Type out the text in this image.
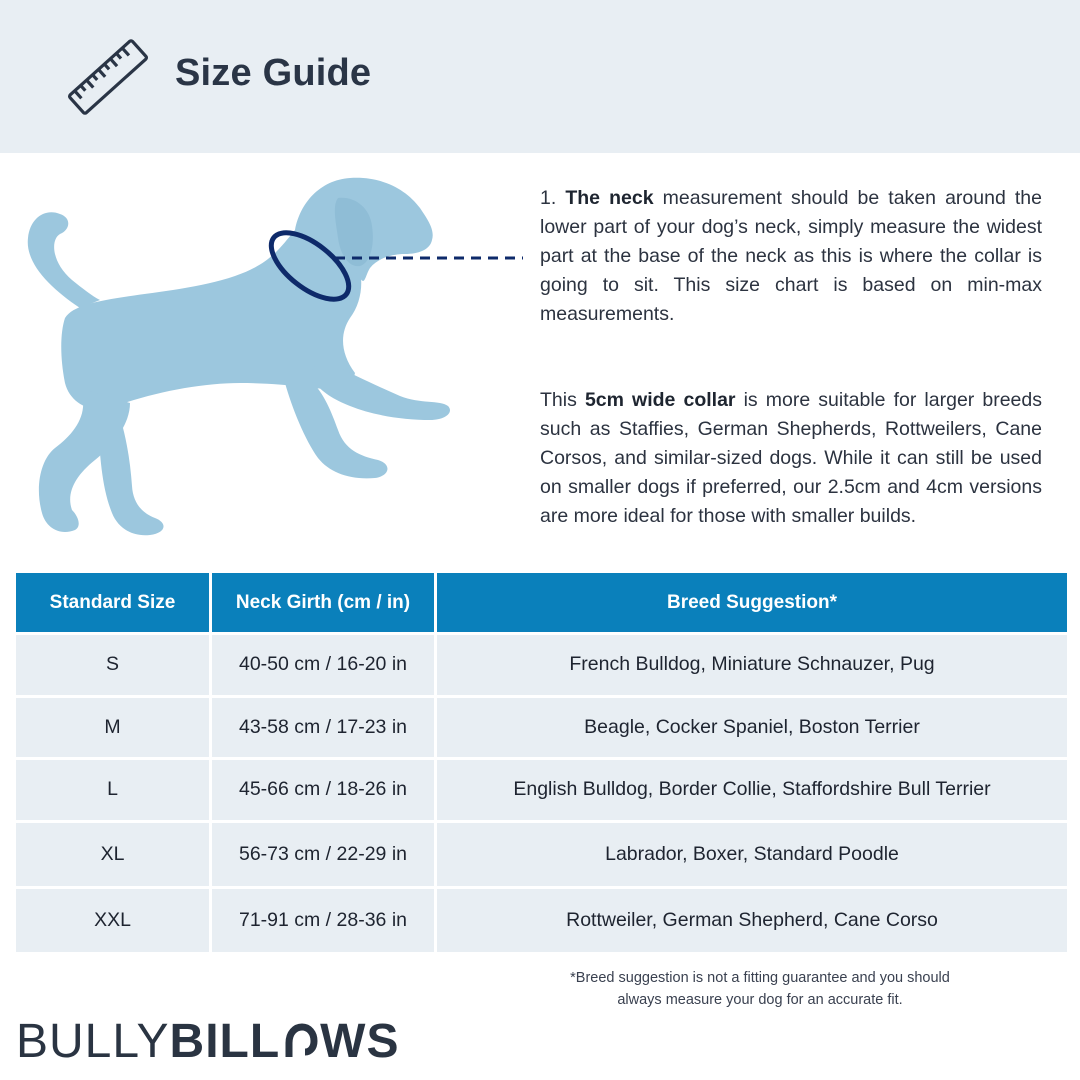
Size Guide

1. The neck measurement should be taken around the lower part of your dog’s neck, simply measure the widest part at the base of the neck as this is where the collar is going to sit. This size chart is based on min-max measurements.

This 5cm wide collar is more suitable for larger breeds such as Staffies, German Shepherds, Rottweilers, Cane Corsos, and similar-sized dogs. While it can still be used on smaller dogs if preferred, our 2.5cm and 4cm versions are more ideal for those with smaller builds.

Standard Size	Neck Girth (cm / in)	Breed Suggestion*
S	40-50 cm / 16-20 in	French Bulldog, Miniature Schnauzer, Pug
M	43-58 cm / 17-23 in	Beagle, Cocker Spaniel, Boston Terrier
L	45-66 cm / 18-26 in	English Bulldog, Border Collie, Staffordshire Bull Terrier
XL	56-73 cm / 22-29 in	Labrador, Boxer, Standard Poodle
XXL	71-91 cm / 28-36 in	Rottweiler, German Shepherd, Cane Corso
*Breed suggestion is not a fitting guarantee and you should
always measure your dog for an accurate fit.
BULLYBILL WS
